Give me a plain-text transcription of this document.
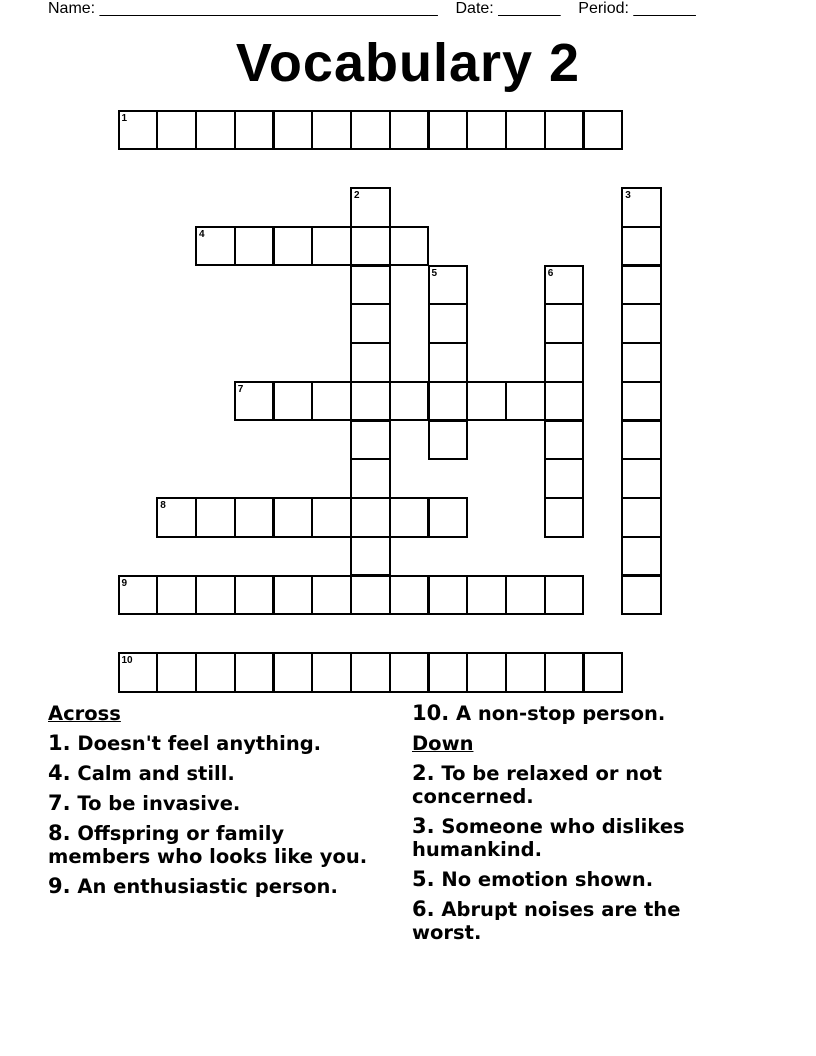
Name: ______________________________________ Date: _______ Period: _______
Vocabulary 2
1
2	3
4
5	6
7
8
9
10
Across
1. Doesn't feel anything.
4. Calm and still.
7. To be invasive.
8. Offspring or family members who looks like you.
9. An enthusiastic person.
10. A non-stop person.
Down
2. To be relaxed or not concerned.
3. Someone who dislikes humankind.
5. No emotion shown.
6. Abrupt noises are the worst.
